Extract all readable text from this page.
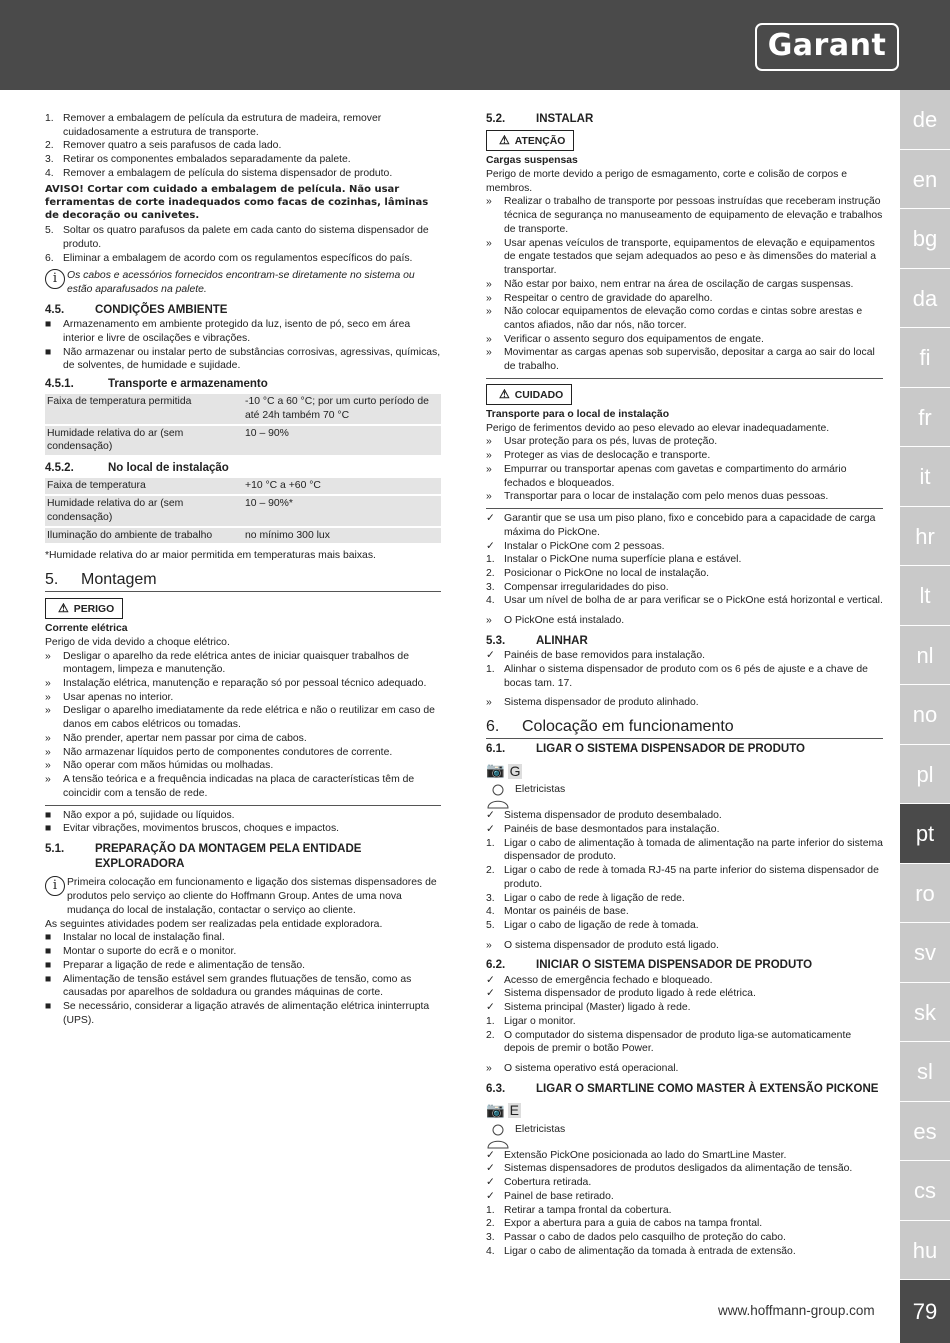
Garant
de
en
bg
da
fi
fr
it
hr
lt
nl
no
pl
pt
ro
sv
sk
sl
es
cs
hu
79
www.hoffmann-group.com
1. Remover a embalagem de película da estrutura de madeira, remover cuidadosamente a estrutura de transporte.
2. Remover quatro a seis parafusos de cada lado.
3. Retirar os componentes embalados separadamente da palete.
4. Remover a embalagem de película do sistema dispensador de produto.

AVISO! Cortar com cuidado a embalagem de película. Não usar ferramentas de corte inadequados como facas de cozinhas, lâminas de decoração ou canivetes.

5. Soltar os quatro parafusos da palete em cada canto do sistema dispensador de produto.
6. Eliminar a embalagem de acordo com os regulamentos específicos do país.
i Os cabos e acessórios fornecidos encontram-se diretamente no sistema ou estão aparafusados na palete.
4.5.	CONDIÇÕES AMBIENTE
■ Armazenamento em ambiente protegido da luz, isento de pó, seco em área interior e livre de oscilações e vibrações.
■ Não armazenar ou instalar perto de substâncias corrosivas, agressivas, químicas, de solventes, de humidade e sujidade.
4.5.1.	Transporte e armazenamento
Faixa de temperatura permitida	-10 °C a 60 °C; por um curto período de até 24h também 70 °C
Humidade relativa do ar (sem condensação)	10 – 90%
4.5.2.	No local de instalação
Faixa de temperatura	+10 °C a +60 °C
Humidade relativa do ar (sem condensação)	10 – 90%*
Iluminação do ambiente de trabalho	no mínimo 300 lux

*Humidade relativa do ar maior permitida em temperaturas mais baixas.

5. Montagem
⚠ PERIGO
Corrente elétrica
Perigo de vida devido a choque elétrico.
» Desligar o aparelho da rede elétrica antes de iniciar quaisquer trabalhos de montagem, limpeza e manutenção.
» Instalação elétrica, manutenção e reparação só por pessoal técnico adequado.
» Usar apenas no interior.
» Desligar o aparelho imediatamente da rede elétrica e não o reutilizar em caso de danos em cabos elétricos ou tomadas.
» Não prender, apertar nem passar por cima de cabos.
» Não armazenar líquidos perto de componentes condutores de corrente.
» Não operar com mãos húmidas ou molhadas.
» A tensão teórica e a frequência indicadas na placa de características têm de coincidir com a tensão de rede.
■ Não expor a pó, sujidade ou líquidos.
■ Evitar vibrações, movimentos bruscos, choques e impactos.
5.1.	PREPARAÇÃO DA MONTAGEM PELA ENTIDADE EXPLORADORA
i Primeira colocação em funcionamento e ligação dos sistemas dispensadores de produtos pelo serviço ao cliente do Hoffmann Group. Antes de uma nova mudança do local de instalação, contactar o serviço ao cliente.

As seguintes atividades podem ser realizadas pela entidade exploradora.

■ Instalar no local de instalação final.
■ Montar o suporte do ecrã e o monitor.
■ Preparar a ligação de rede e alimentação de tensão.
■ Alimentação de tensão estável sem grandes flutuações de tensão, como as causadas por aparelhos de soldadura ou grandes máquinas de corte.
■ Se necessário, considerar a ligação através de alimentação elétrica ininterrupta (UPS).
5.2.	INSTALAR
⚠ ATENÇÃO
Cargas suspensas
Perigo de morte devido a perigo de esmagamento, corte e colisão de corpos e membros.
» Realizar o trabalho de transporte por pessoas instruídas que receberam instrução técnica de segurança no manuseamento de equipamento de elevação e trabalhos de transporte.
» Usar apenas veículos de transporte, equipamentos de elevação e equipamentos de engate testados que sejam adequados ao peso e às dimensões do material a transportar.
» Não estar por baixo, nem entrar na área de oscilação de cargas suspensas.
» Respeitar o centro de gravidade do aparelho.
» Não colocar equipamentos de elevação como cordas e cintas sobre arestas e cantos afiados, não dar nós, não torcer.
» Verificar o assento seguro dos equipamentos de engate.
» Movimentar as cargas apenas sob supervisão, depositar a carga ao sair do local de trabalho.
⚠ CUIDADO
Transporte para o local de instalação
Perigo de ferimentos devido ao peso elevado ao elevar inadequadamente.
» Usar proteção para os pés, luvas de proteção.
» Proteger as vias de deslocação e transporte.
» Empurrar ou transportar apenas com gavetas e compartimento do armário fechados e bloqueados.
» Transportar para o locar de instalação com pelo menos duas pessoas.
✓ Garantir que se usa um piso plano, fixo e concebido para a capacidade de carga máxima do PickOne.
✓ Instalar o PickOne com 2 pessoas.
1. Instalar o PickOne numa superfície plana e estável.
2. Posicionar o PickOne no local de instalação.
3. Compensar irregularidades do piso.
4. Usar um nível de bolha de ar para verificar se o PickOne está horizontal e vertical.
» O PickOne está instalado.
5.3.	ALINHAR
✓ Painéis de base removidos para instalação.
1. Alinhar o sistema dispensador de produto com os 6 pés de ajuste e a chave de bocas tam. 17.
» Sistema dispensador de produto alinhado.
6. Colocação em funcionamento
6.1.	LIGAR O SISTEMA DISPENSADOR DE PRODUTO
📷 G
Eletricistas
✓ Sistema dispensador de produto desembalado.
✓ Painéis de base desmontados para instalação.
1. Ligar o cabo de alimentação à tomada de alimentação na parte inferior do sistema dispensador de produto.
2. Ligar o cabo de rede à tomada RJ-45 na parte inferior do sistema dispensador de produto.
3. Ligar o cabo de rede à ligação de rede.
4. Montar os painéis de base.
5. Ligar o cabo de ligação de rede à tomada.
» O sistema dispensador de produto está ligado.
6.2.	INICIAR O SISTEMA DISPENSADOR DE PRODUTO
✓ Acesso de emergência fechado e bloqueado.
✓ Sistema dispensador de produto ligado à rede elétrica.
✓ Sistema principal (Master) ligado à rede.
1. Ligar o monitor.
2. O computador do sistema dispensador de produto liga-se automaticamente depois de premir o botão Power.
» O sistema operativo está operacional.
6.3.	LIGAR O SMARTLINE COMO MASTER À EXTENSÃO PICKONE
📷 E
Eletricistas
✓ Extensão PickOne posicionada ao lado do SmartLine Master.
✓ Sistemas dispensadores de produtos desligados da alimentação de tensão.
✓ Cobertura retirada.
✓ Painel de base retirado.
1. Retirar a tampa frontal da cobertura.
2. Expor a abertura para a guia de cabos na tampa frontal.
3. Passar o cabo de dados pelo casquilho de proteção do cabo.
4. Ligar o cabo de alimentação da tomada à entrada de extensão.
